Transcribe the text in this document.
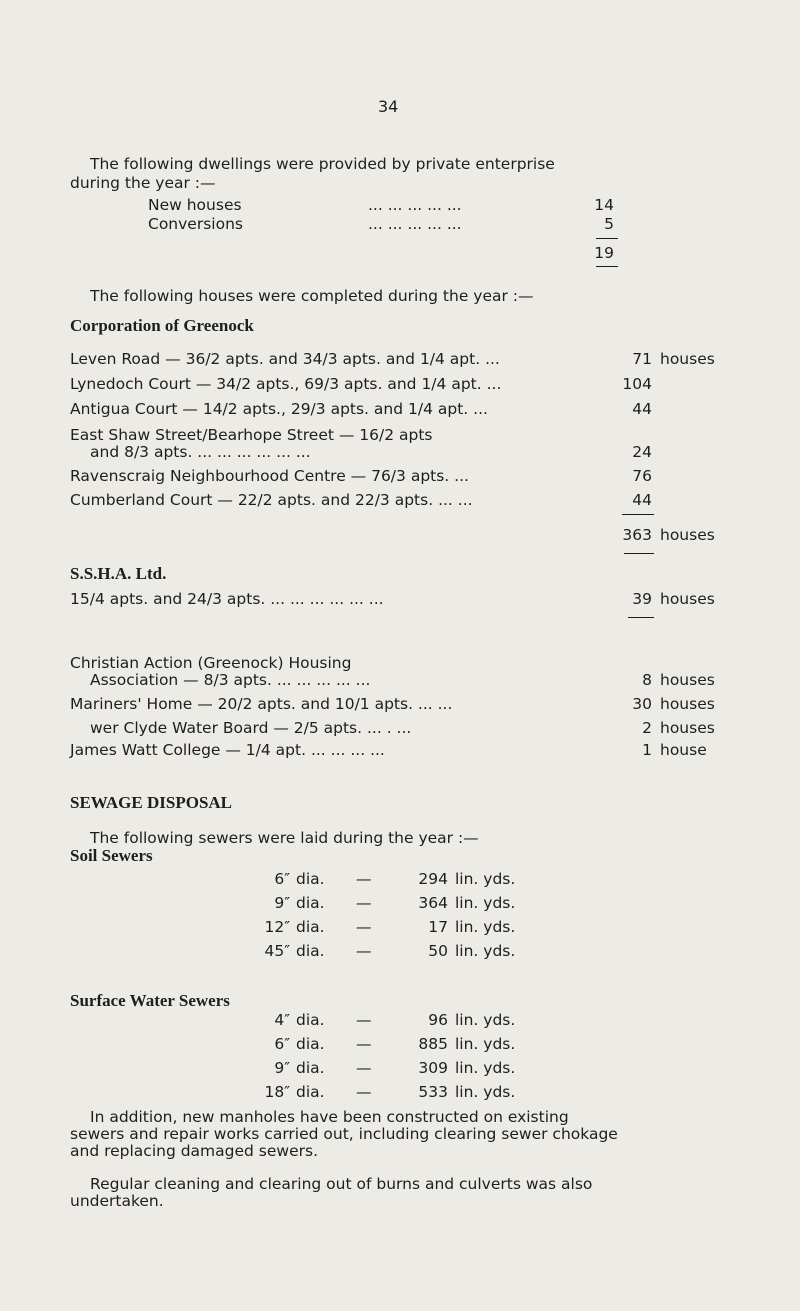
34
The following dwellings were provided by private enterprise
during the year :—
New houses	... ... ... ... ...	14
Conversions	... ... ... ... ...	5
19
The following houses were completed during the year :—
Corporation of Greenock
Leven Road — 36/2 apts. and 34/3 apts. and 1/4 apt. ...	71 houses
Lynedoch Court — 34/2 apts., 69/3 apts. and 1/4 apt. ...	104
Antigua Court — 14/2 apts., 29/3 apts. and 1/4 apt. ...	44
East Shaw Street/Bearhope Street — 16/2 apts
and 8/3 apts. ... ... ... ... ... ...	24
Ravenscraig Neighbourhood Centre — 76/3 apts. ...	76
Cumberland Court — 22/2 apts. and 22/3 apts. ... ...	44
363 houses
S.S.H.A. Ltd.
15/4 apts. and 24/3 apts. ... ... ... ... ... ...	39 houses
Christian Action (Greenock) Housing
Association — 8/3 apts. ... ... ... ... ...	8 houses
Mariners' Home — 20/2 apts. and 10/1 apts. ... ...	30 houses
wer Clyde Water Board — 2/5 apts. ... . ...	2 houses
James Watt College — 1/4 apt. ... ... ... ...	1 house
SEWAGE DISPOSAL
The following sewers were laid during the year :—
Soil Sewers
6″ dia. —	294 lin. yds.
9″ dia. —	364 lin. yds.
12″ dia. —	17 lin. yds.
45″ dia. —	50 lin. yds.
Surface Water Sewers
4″ dia. —	96 lin. yds.
6″ dia. —	885 lin. yds.
9″ dia. —	309 lin. yds.
18″ dia. —	533 lin. yds.
In addition, new manholes have been constructed on existing
sewers and repair works carried out, including clearing sewer chokage
and replacing damaged sewers.
Regular cleaning and clearing out of burns and culverts was also
undertaken.
